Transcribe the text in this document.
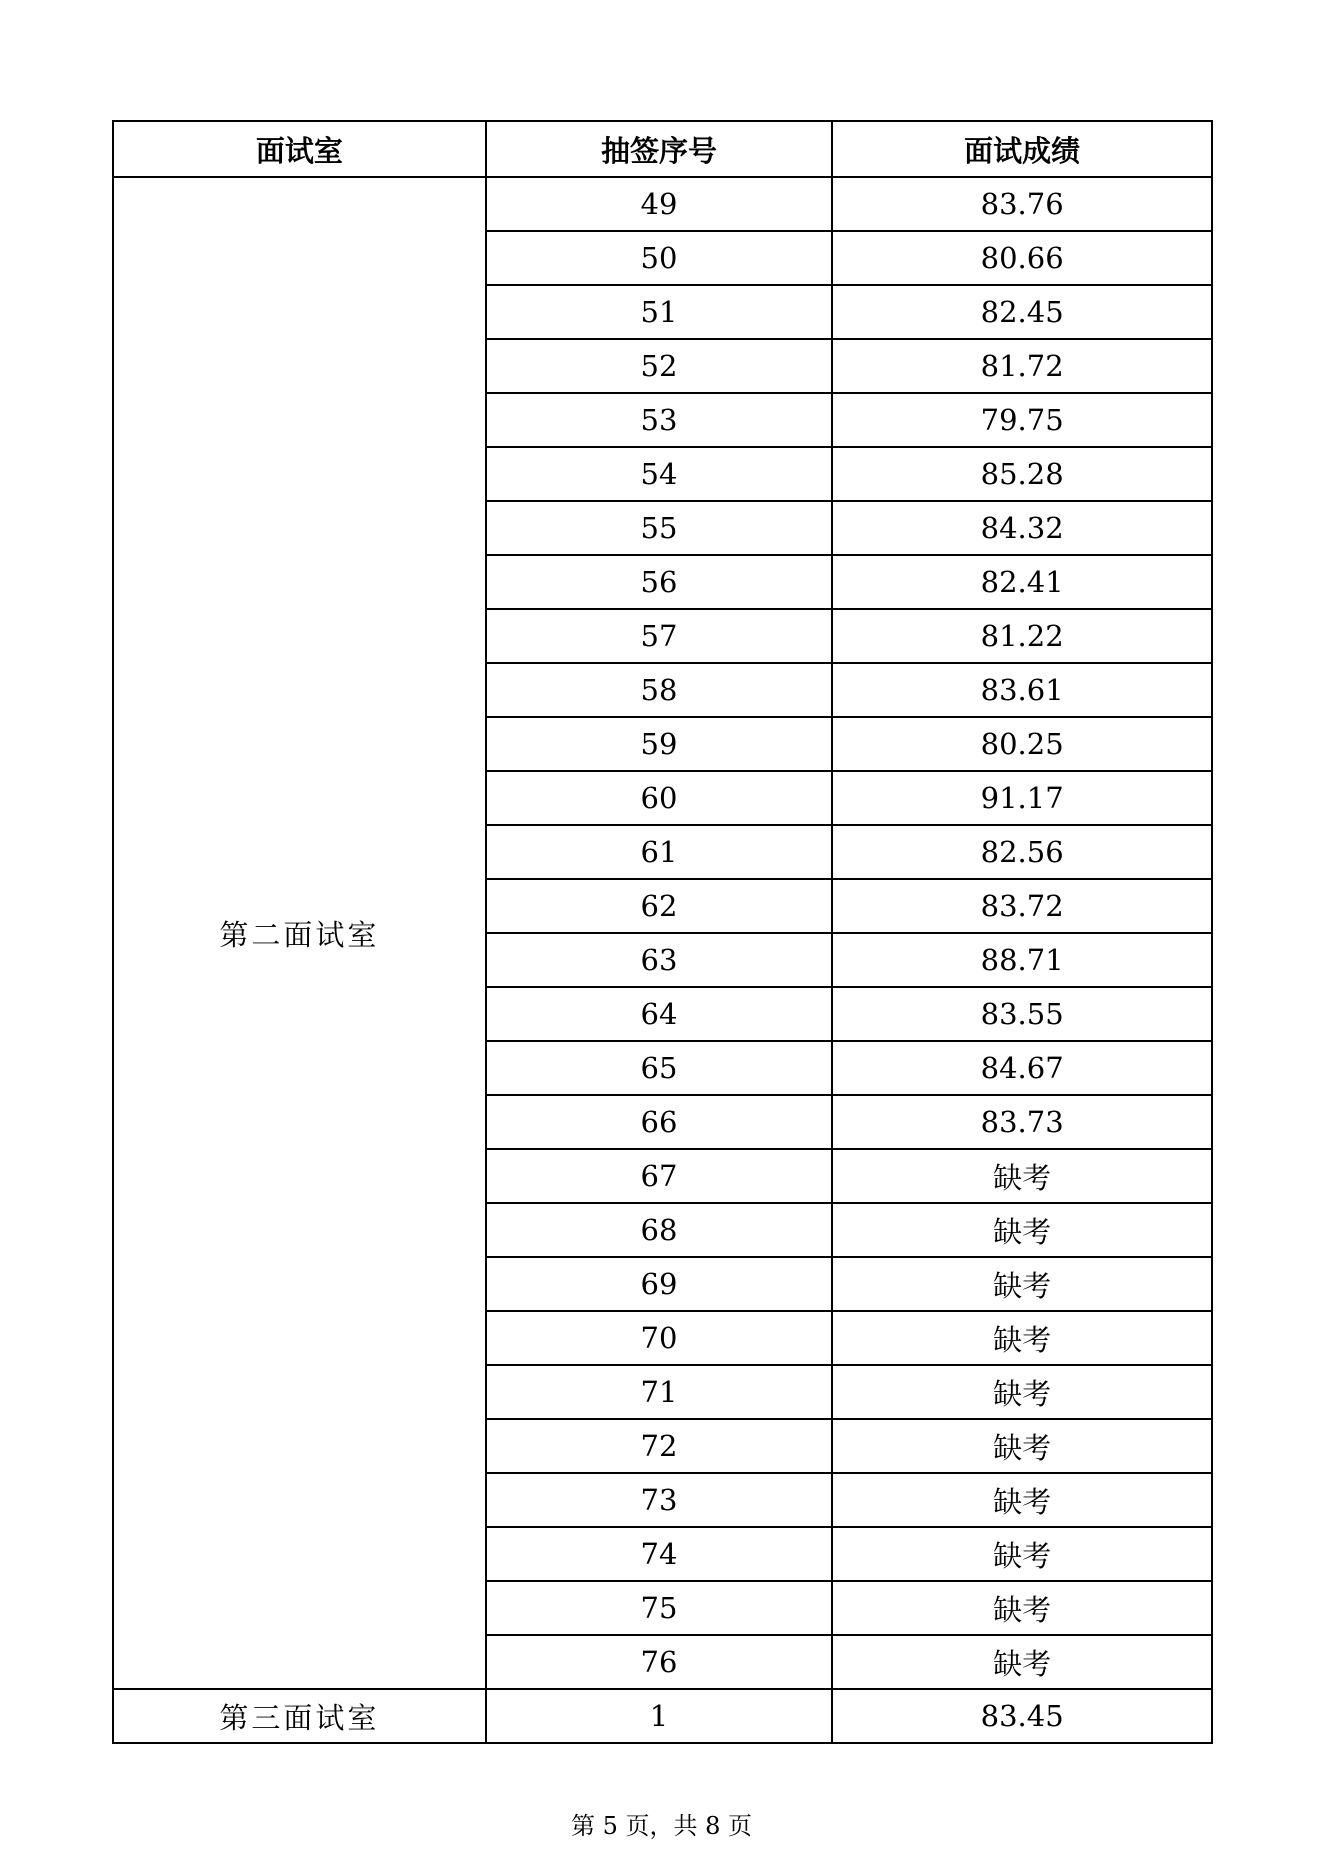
面试室	抽签序号	面试成绩
第二面试室	49	83.76
	50	80.66
	51	82.45
	52	81.72
	53	79.75
	54	85.28
	55	84.32
	56	82.41
	57	81.22
	58	83.61
	59	80.25
	60	91.17
	61	82.56
	62	83.72
	63	88.71
	64	83.55
	65	84.67
	66	83.73
	67	缺考
	68	缺考
	69	缺考
	70	缺考
	71	缺考
	72	缺考
	73	缺考
	74	缺考
	75	缺考
	76	缺考
第三面试室	1	83.45
第 5 页，共 8 页
